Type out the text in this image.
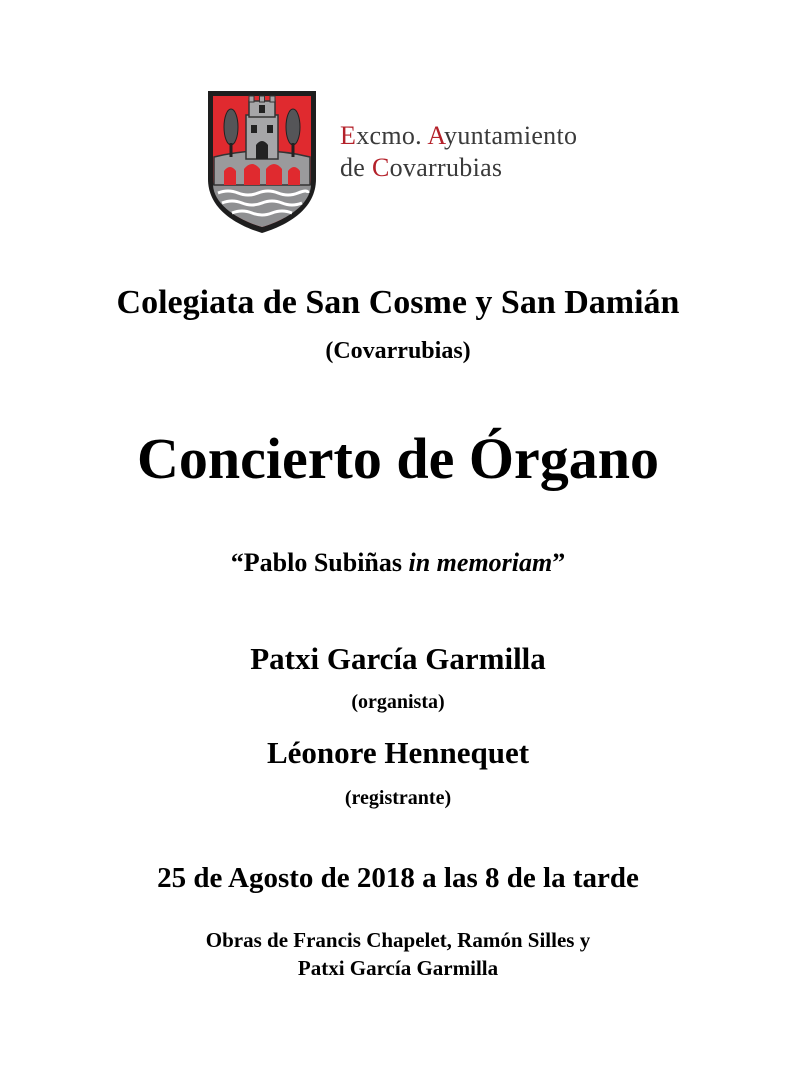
Excmo. Ayuntamiento
de Covarrubias
Colegiata de San Cosme y San Damián
(Covarrubias)
Concierto de Órgano
“Pablo Subiñas in memoriam”
Patxi García Garmilla
(organista)
Léonore Hennequet
(registrante)
25 de Agosto de 2018 a las 8 de la tarde
Obras de Francis Chapelet, Ramón Silles y
Patxi García Garmilla
